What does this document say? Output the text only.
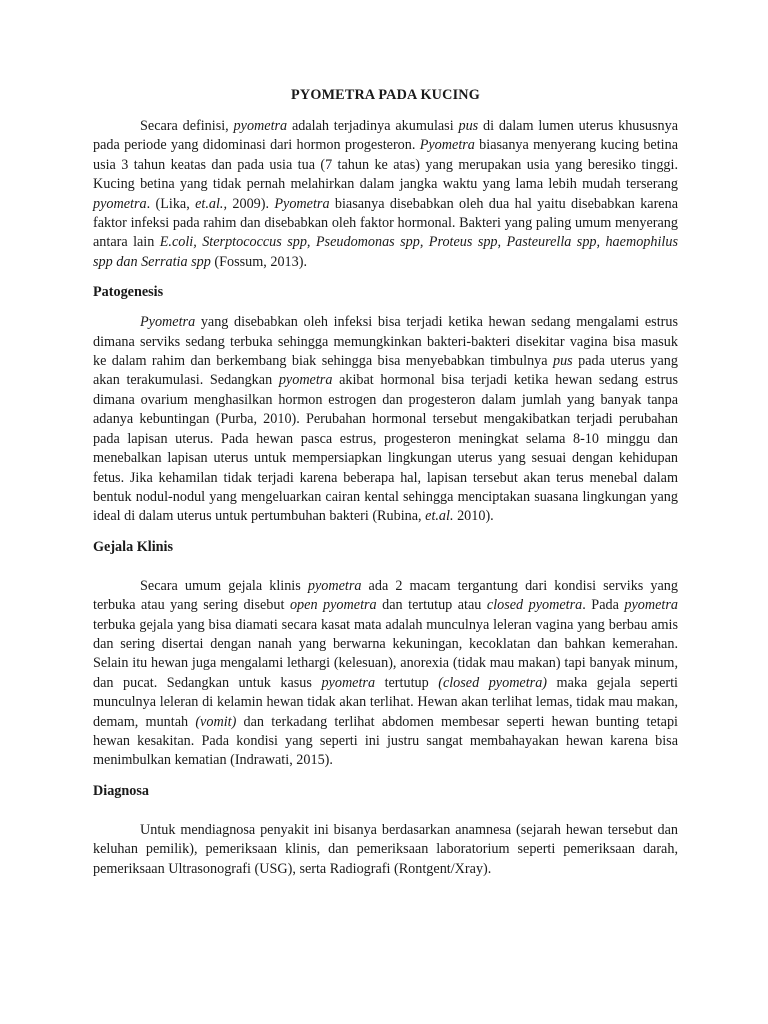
PYOMETRA PADA KUCING

Secara definisi, pyometra adalah terjadinya akumulasi pus di dalam lumen uterus khususnya pada periode yang didominasi dari hormon progesteron. Pyometra biasanya menyerang kucing betina usia 3 tahun keatas dan pada usia tua (7 tahun ke atas) yang merupakan usia yang beresiko tinggi. Kucing betina yang tidak pernah melahirkan dalam jangka waktu yang lama lebih mudah terserang pyometra. (Lika, et.al., 2009). Pyometra biasanya disebabkan oleh dua hal yaitu disebabkan karena faktor infeksi pada rahim dan disebabkan oleh faktor hormonal. Bakteri yang paling umum menyerang antara lain E.coli, Sterptococcus spp, Pseudomonas spp, Proteus spp, Pasteurella spp, haemophilus spp dan Serratia spp (Fossum, 2013).

Patogenesis

Pyometra yang disebabkan oleh infeksi bisa terjadi ketika hewan sedang mengalami estrus dimana serviks sedang terbuka sehingga memungkinkan bakteri-bakteri disekitar vagina bisa masuk ke dalam rahim dan berkembang biak sehingga bisa menyebabkan timbulnya pus pada uterus yang akan terakumulasi. Sedangkan pyometra akibat hormonal bisa terjadi ketika hewan sedang estrus dimana ovarium menghasilkan hormon estrogen dan progesteron dalam jumlah yang banyak tanpa adanya kebuntingan (Purba, 2010). Perubahan hormonal tersebut mengakibatkan terjadi perubahan pada lapisan uterus. Pada hewan pasca estrus, progesteron meningkat selama 8-10 minggu dan menebalkan lapisan uterus untuk mempersiapkan lingkungan uterus yang sesuai dengan kehidupan fetus. Jika kehamilan tidak terjadi karena beberapa hal, lapisan tersebut akan terus menebal dalam bentuk nodul-nodul yang mengeluarkan cairan kental sehingga menciptakan suasana lingkungan yang ideal di dalam uterus untuk pertumbuhan bakteri (Rubina, et.al. 2010).

Gejala Klinis

Secara umum gejala klinis pyometra ada 2 macam tergantung dari kondisi serviks yang terbuka atau yang sering disebut open pyometra dan tertutup atau closed pyometra. Pada pyometra terbuka gejala yang bisa diamati secara kasat mata adalah munculnya leleran vagina yang berbau amis dan sering disertai dengan nanah yang berwarna kekuningan, kecoklatan dan bahkan kemerahan. Selain itu hewan juga mengalami lethargi (kelesuan), anorexia (tidak mau makan) tapi banyak minum, dan pucat. Sedangkan untuk kasus pyometra tertutup (closed pyometra) maka gejala seperti munculnya leleran di kelamin hewan tidak akan terlihat. Hewan akan terlihat lemas, tidak mau makan, demam, muntah (vomit) dan terkadang terlihat abdomen membesar seperti hewan bunting tetapi hewan kesakitan. Pada kondisi yang seperti ini justru sangat membahayakan hewan karena bisa menimbulkan kematian (Indrawati, 2015).

Diagnosa

Untuk mendiagnosa penyakit ini bisanya berdasarkan anamnesa (sejarah hewan tersebut dan keluhan pemilik), pemeriksaan klinis, dan pemeriksaan laboratorium seperti pemeriksaan darah, pemeriksaan Ultrasonografi (USG), serta Radiografi (Rontgent/Xray).
